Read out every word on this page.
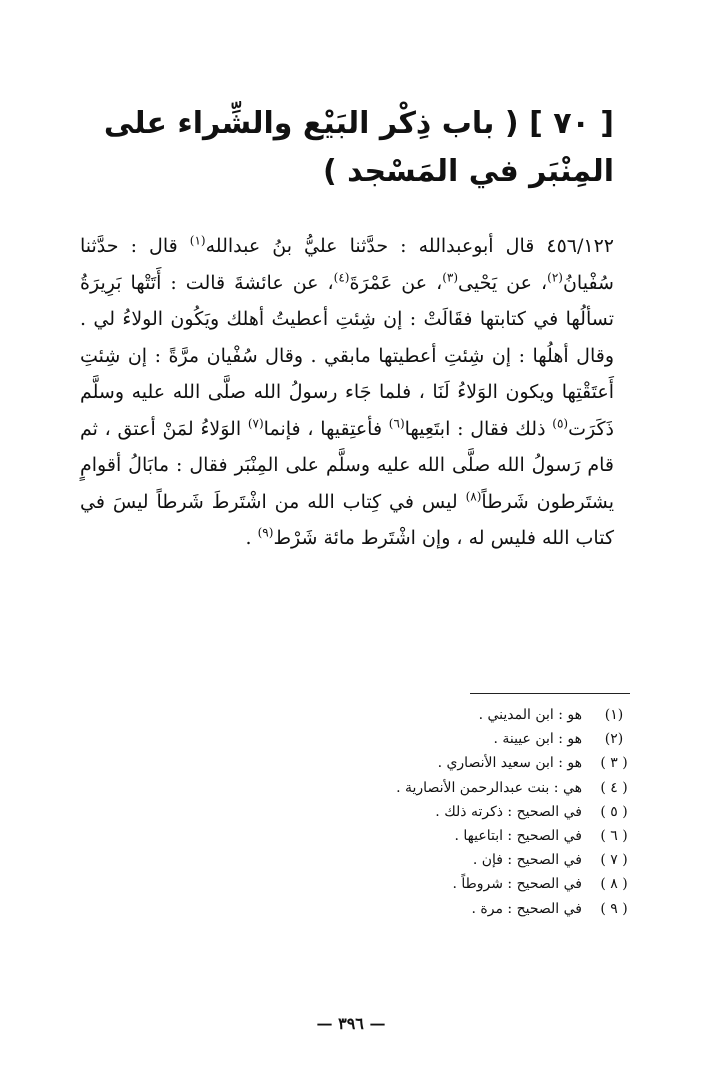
[ ٧٠ ] ( باب ذِكْر البَيْع والشِّراء على المِنْبَر في المَسْجد )
٤٥٦/١٢٢ قال أبوعبدالله : حدَّثنا عليُّ بنُ عبدالله$^{(١)}$ قال : حدَّثنا سُفْيانُ$^{(٢)}$، عن يَحْيى$^{(٣)}$، عن عَمْرَةَ$^{(٤)}$، عن عائشةَ قالت : أَتَتْها بَرِيرَةُ تسألُها في كتابتها فقَالَتْ : إن شِئتِ أعطيتُ أهلك ويَكُون الولاءُ لي . وقال أهلُها : إن شِئتِ أعطيتها مابقي . وقال سُفْيان مرَّةً : إن شِئتِ أَعتَقْتِها ويكون الوَلاءُ لَنَا ، فلما جَاء رسولُ الله صلَّى الله عليه وسلَّم ذَكَرَت$^{(٥)}$ ذلك فقال : ابتَعِيها$^{(٦)}$ فأعتِقيها ، فإنما$^{(٧)}$ الوَلاءُ لمَنْ أعتق ، ثم قام رَسولُ الله صلَّى الله عليه وسلَّم على المِنْبَر فقال : مابَالُ أقوامٍ يشتَرطون شَرطاً$^{(٨)}$ ليس في كِتاب الله من اشْتَرطَ شَرطاً ليسَ في كتاب الله فليس له ، وإن اشْتَرط مائة شَرْط$^{(٩)}$ .
(١)
هو : ابن المديني .
(٢)
هو : ابن عيينة .
( ٣ )
هو : ابن سعيد الأنصاري .
( ٤ )
هي : بنت عبدالرحمن الأنصارية .
( ٥ )
في الصحيح : ذكرته ذلك .
( ٦ )
في الصحيح : ابتاعيها .
( ٧ )
في الصحيح : فإن .
( ٨ )
في الصحيح : شروطاً .
( ٩ )
في الصحيح : مرة .
— ٣٩٦ —
